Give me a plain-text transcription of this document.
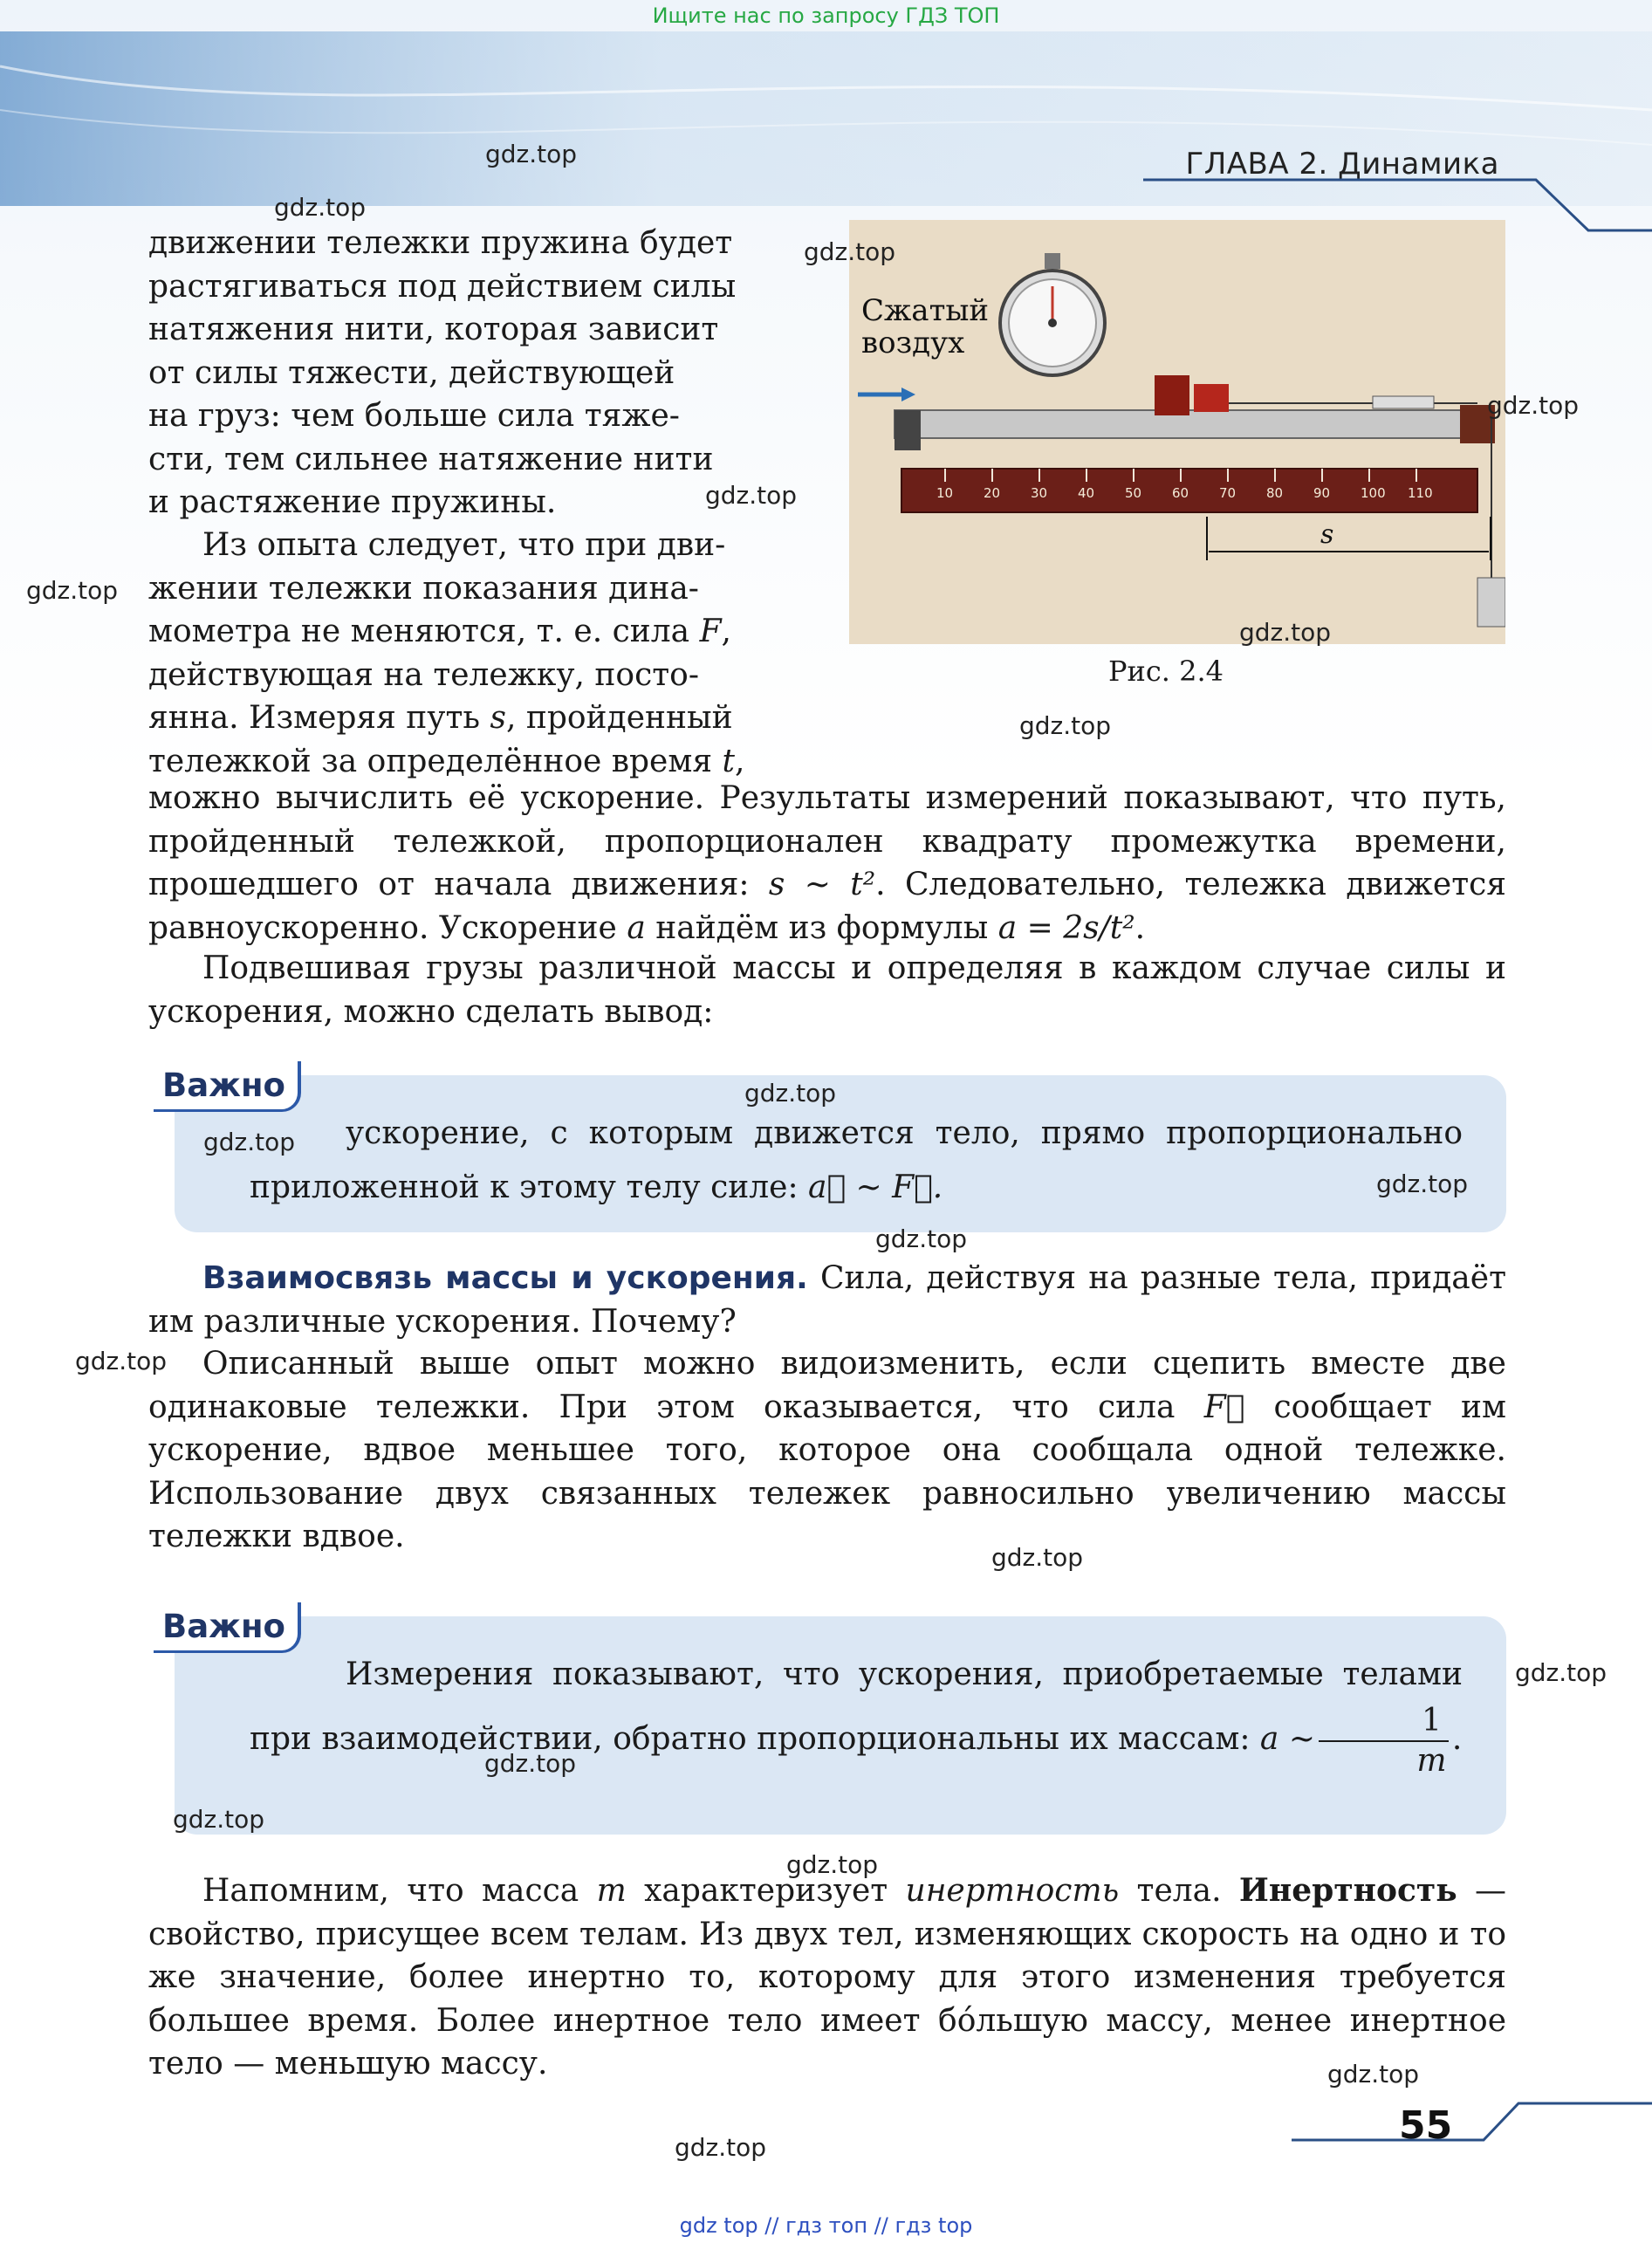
Ищите нас по запросу ГДЗ ТОП
ГЛАВА 2. Динамика
движении тележки пружина будет
растягиваться под действием силы
натяжения нити, которая зависит
от силы тяжести, действующей
на груз: чем больше сила тяже-
сти, тем сильнее натяжение нити
и растяжение пружины.
Из опыта следует, что при дви-
жении тележки показания дина-
мометра не меняются, т. е. сила F,
действующая на тележку, посто-
янна. Измеряя путь s, пройденный
тележкой за определённое время t,
можно вычислить её ускорение. Результаты измерений показывают, что путь, пройденный тележкой, пропорционален квадрату промежутка времени, прошедшего от начала движения: s ~ t². Следовательно, тележка движется равноускоренно. Ускорение a найдём из формулы a = 2s/t².
Подвешивая грузы различной массы и определяя в каждом случае силы и ускорения, можно сделать вывод:
Сжатый
воздух
10 20 30 40 50 60 70 80 90 100 110
s
Рис. 2.4
Важно
ускорение, с которым движется тело, прямо пропорционально приложенной к этому телу силе: a⃗ ~ F⃗.
Взаимосвязь массы и ускорения. Сила, действуя на разные тела, придаёт им различные ускорения. Почему?
Описанный выше опыт можно видоизменить, если сцепить вместе две одинаковые тележки. При этом оказывается, что сила F⃗ сообщает им ускорение, вдвое меньшее того, которое она сообщала одной тележке. Использование двух связанных тележек равносильно увеличению массы тележки вдвое.
Важно
Измерения показывают, что ускорения, приобретаемые телами при взаимодействии, обратно пропорциональны их массам: a ~ $\frac{1}{m}$ .
Напомним, что масса m характеризует инертность тела. Инертность — свойство, присущее всем телам. Из двух тел, изменяющих скорость на одно и то же значение, более инертно то, которому для этого изменения требуется большее время. Более инертное тело имеет бо́льшую массу, менее инертное тело — меньшую массу.
55
gdz.top
gdz.top
gdz.top
gdz.top
gdz.top
gdz.top
gdz.top
gdz.top
gdz.top
gdz.top
gdz.top
gdz.top
gdz.top
gdz.top
gdz.top
gdz.top
gdz.top
gdz.top
gdz.top
gdz.top
gdz top // гдз топ // гдз top
